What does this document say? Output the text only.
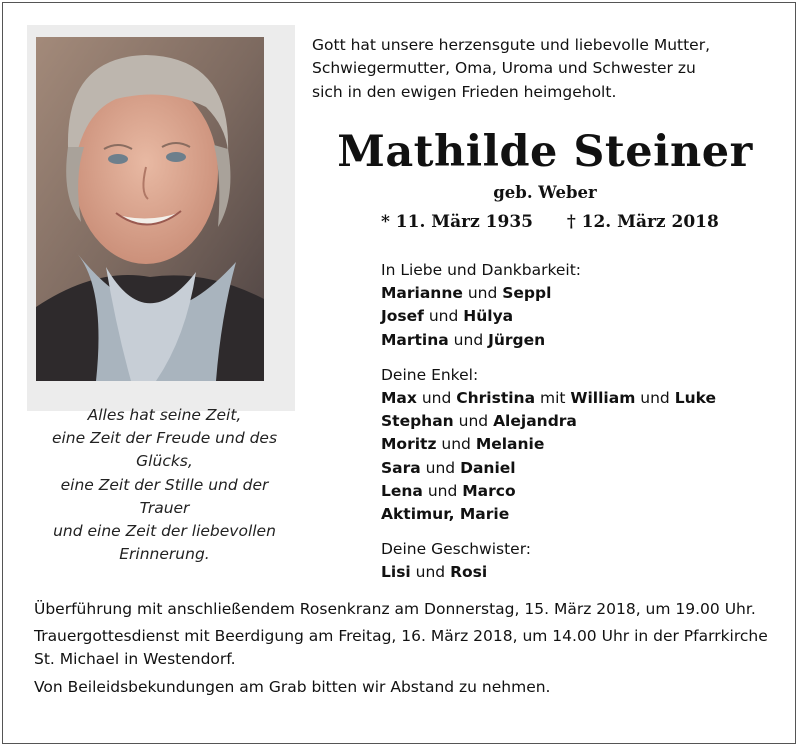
Alles hat seine Zeit,
eine Zeit der Freude und des
Glücks,
eine Zeit der Stille und der
Trauer
und eine Zeit der liebevollen
Erinnerung.
Gott hat unsere herzensgute und liebevolle Mutter,
Schwiegermutter, Oma, Uroma und Schwester zu
sich in den ewigen Frieden heimgeholt.
Mathilde Steiner
geb. Weber
* 11. März 1935 † 12. März 2018
In Liebe und Dankbarkeit:
Marianne und Seppl
Josef und Hülya
Martina und Jürgen
Deine Enkel:
Max und Christina mit William und Luke
Stephan und Alejandra
Moritz und Melanie
Sara und Daniel
Lena und Marco
Aktimur, Marie
Deine Geschwister:
Lisi und Rosi

Überführung mit anschließendem Rosenkranz am Donnerstag, 15. März 2018, um 19.00 Uhr.

Trauergottesdienst mit Beerdigung am Freitag, 16. März 2018, um 14.00 Uhr in der Pfarrkirche St. Michael in Westendorf.

Von Beileidsbekundungen am Grab bitten wir Abstand zu nehmen.
